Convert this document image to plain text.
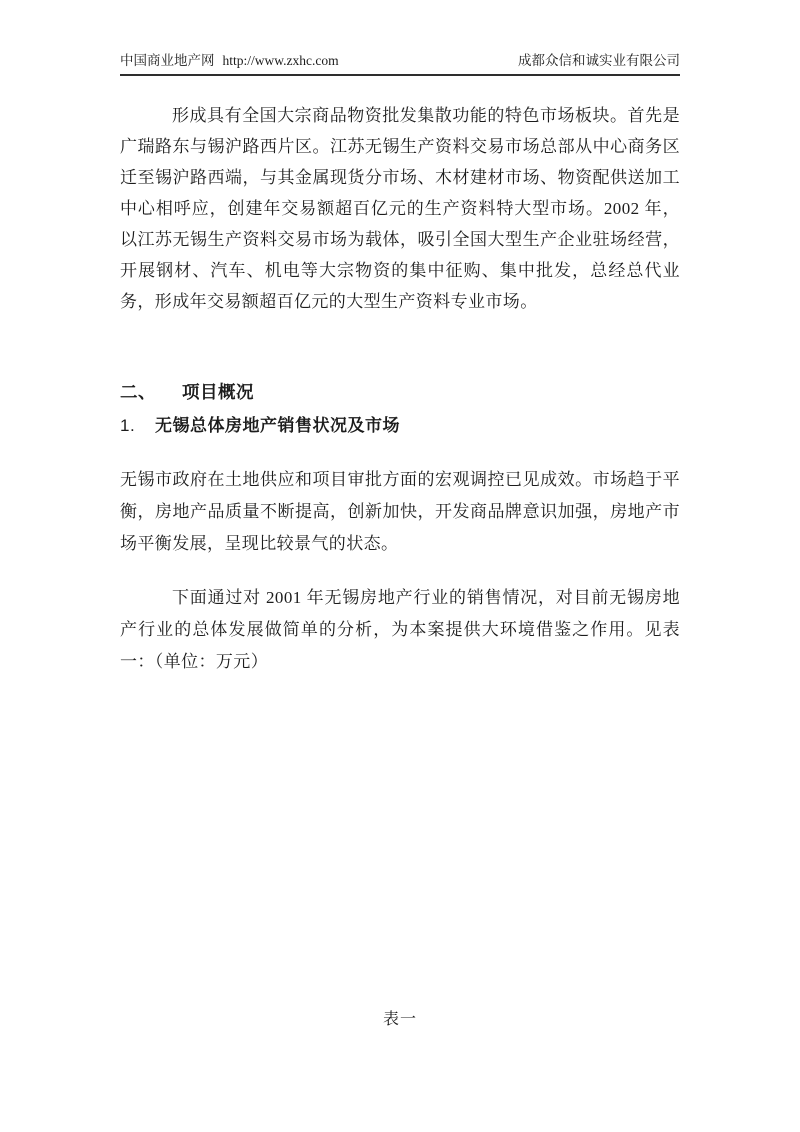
中国商业地产网 http://www.zxhc.com	成都众信和诚实业有限公司

形成具有全国大宗商品物资批发集散功能的特色市场板块。首先是广瑞路东与锡沪路西片区。江苏无锡生产资料交易市场总部从中心商务区迁至锡沪路西端，与其金属现货分市场、木材建材市场、物资配供送加工中心相呼应，创建年交易额超百亿元的生产资料特大型市场。2002 年，以江苏无锡生产资料交易市场为载体，吸引全国大型生产企业驻场经营，开展钢材、汽车、机电等大宗物资的集中征购、集中批发，总经总代业务，形成年交易额超百亿元的大型生产资料专业市场。

二、 项目概况
1. 无锡总体房地产销售状况及市场

无锡市政府在土地供应和项目审批方面的宏观调控已见成效。市场趋于平衡，房地产品质量不断提高，创新加快，开发商品牌意识加强，房地产市场平衡发展，呈现比较景气的状态。

下面通过对 2001 年无锡房地产行业的销售情况，对目前无锡房地产行业的总体发展做简单的分析，为本案提供大环境借鉴之作用。见表一：（单位：万元）

表一
